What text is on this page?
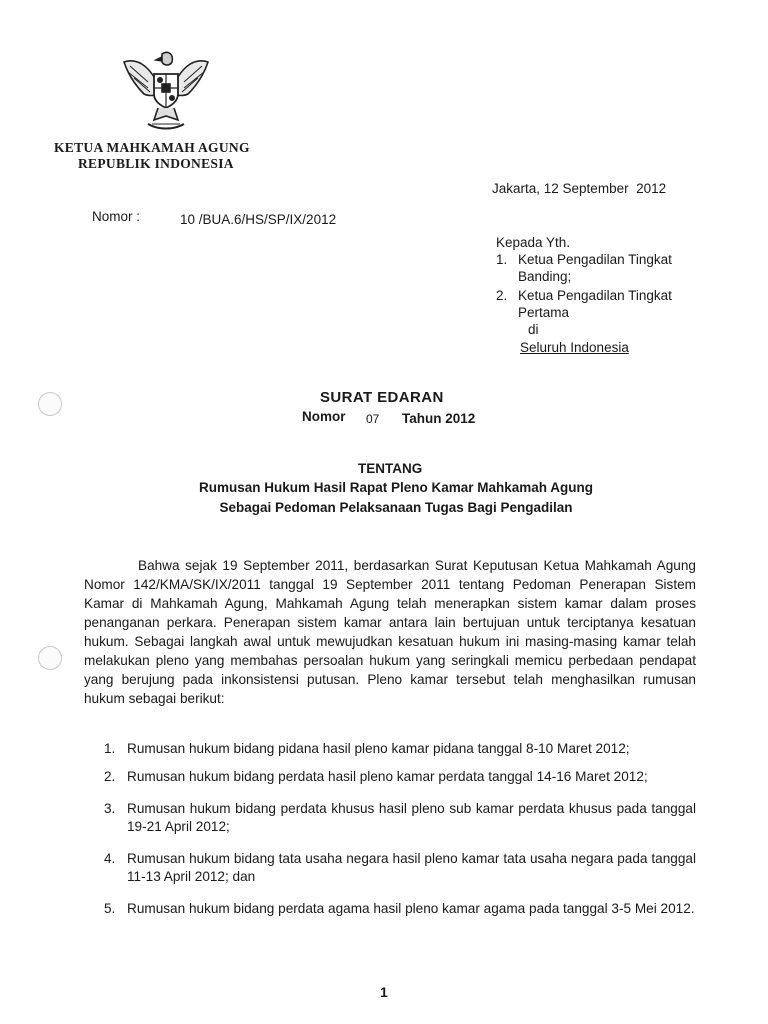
KETUA MAHKAMAH AGUNG
REPUBLIK INDONESIA
Jakarta, 12 September  2012
Nomor :	10 /BUA.6/HS/SP/IX/2012
Kepada Yth.
1. Ketua Pengadilan Tingkat
Banding;
2. Ketua Pengadilan Tingkat
Pertama
di
Seluruh Indonesia
SURAT EDARAN
Nomor 07 Tahun 2012
TENTANG
Rumusan Hukum Hasil Rapat Pleno Kamar Mahkamah Agung
Sebagai Pedoman Pelaksanaan Tugas Bagi Pengadilan

Bahwa sejak 19 September 2011, berdasarkan Surat Keputusan Ketua Mahkamah Agung Nomor 142/KMA/SK/IX/2011 tanggal 19 September 2011 tentang Pedoman Penerapan Sistem Kamar di Mahkamah Agung, Mahkamah Agung telah menerapkan sistem kamar dalam proses penanganan perkara. Penerapan sistem kamar antara lain bertujuan untuk terciptanya kesatuan hukum. Sebagai langkah awal untuk mewujudkan kesatuan hukum ini masing-masing kamar telah melakukan pleno yang membahas persoalan hukum yang seringkali memicu perbedaan pendapat yang berujung pada inkonsistensi putusan. Pleno kamar tersebut telah menghasilkan rumusan hukum sebagai berikut:

1. Rumusan hukum bidang pidana hasil pleno kamar pidana tanggal 8-10 Maret 2012;
2. Rumusan hukum bidang perdata hasil pleno kamar perdata tanggal 14-16 Maret 2012;
3. Rumusan hukum bidang perdata khusus hasil pleno sub kamar perdata khusus pada tanggal 19-21 April 2012;
4. Rumusan hukum bidang tata usaha negara hasil pleno kamar tata usaha negara pada tanggal 11-13 April 2012; dan
5. Rumusan hukum bidang perdata agama hasil pleno kamar agama pada tanggal 3-5 Mei 2012.
1
